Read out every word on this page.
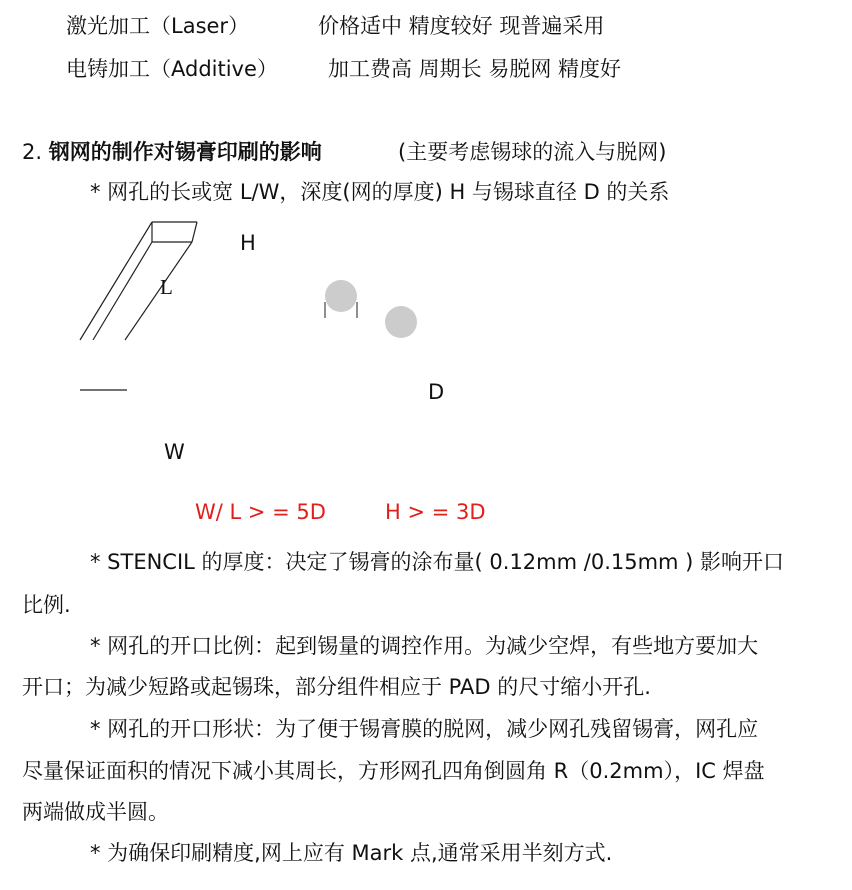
激光加工（Laser）	价格适中 精度较好 现普遍采用
电铸加工（Additive） 加工费高 周期长 易脱网 精度好
2. 钢网的制作对锡膏印刷的影响	(主要考虑锡球的流入与脱网)
* 网孔的长或宽 L/W，深度(网的厚度) H 与锡球直径 D 的关系
H
L
D
W
W/ L > = 5D	H > = 3D
* STENCIL 的厚度：决定了锡膏的涂布量( 0.12mm /0.15mm ) 影响开口
比例.
* 网孔的开口比例：起到锡量的调控作用。为减少空焊，有些地方要加大
开口；为减少短路或起锡珠，部分组件相应于 PAD 的尺寸缩小开孔.
* 网孔的开口形状：为了便于锡膏膜的脱网，减少网孔残留锡膏，网孔应
尽量保证面积的情况下减小其周长，方形网孔四角倒圆角 R（0.2mm），IC 焊盘
两端做成半圆。
* 为确保印刷精度,网上应有 Mark 点,通常采用半刻方式.
